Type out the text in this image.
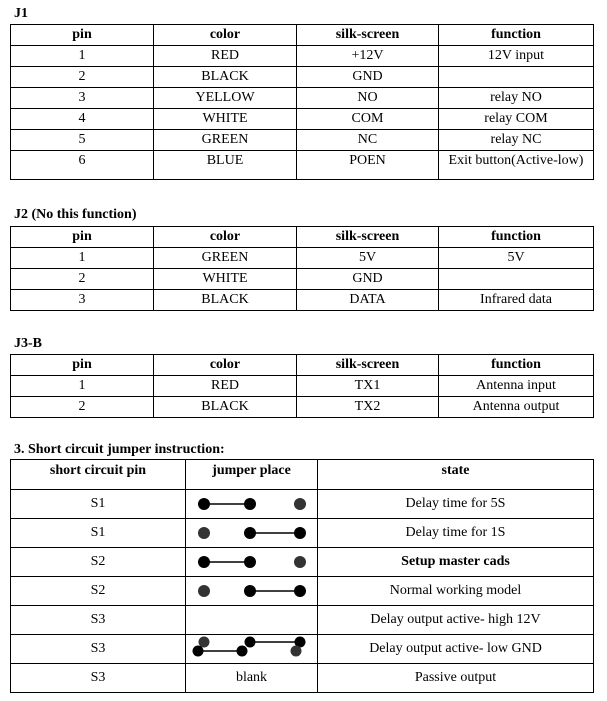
J1
pin	color	silk-screen	function
1	RED	+12V	12V input
2	BLACK	GND	
3	YELLOW	NO	relay NO
4	WHITE	COM	relay COM
5	GREEN	NC	relay NC
6	BLUE	POEN	Exit button(Active-low)
J2 (No this function)
pin	color	silk-screen	function
1	GREEN	5V	5V
2	WHITE	GND	
3	BLACK	DATA	Infrared data
J3-B
pin	color	silk-screen	function
1	RED	TX1	Antenna input
2	BLACK	TX2	Antenna output
3. Short circuit jumper instruction:
short circuit pin	jumper place	state
S1		Delay time for 5S
S1		Delay time for 1S
S2		Setup master cads
S2		Normal working model
S3		Delay output active- high 12V
S3		Delay output active- low GND
S3	blank	Passive output
